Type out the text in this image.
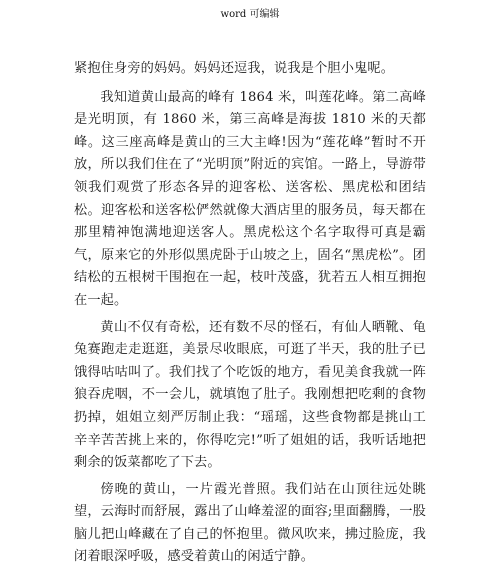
word 可编辑

紧抱住身旁的妈妈。妈妈还逗我，说我是个胆小鬼呢。

我知道黄山最高的峰有 1864 米，叫莲花峰。第二高峰是光明顶，有 1860 米，第三高峰是海拔 1810 米的天都峰。这三座高峰是黄山的三大主峰!因为“莲花峰”暂时不开放，所以我们住在了“光明顶”附近的宾馆。一路上，导游带领我们观赏了形态各异的迎客松、送客松、黑虎松和团结松。迎客松和送客松俨然就像大酒店里的服务员，每天都在那里精神饱满地迎送客人。黑虎松这个名字取得可真是霸气，原来它的外形似黑虎卧于山坡之上，固名“黑虎松”。团结松的五根树干围抱在一起，枝叶茂盛，犹若五人相互拥抱在一起。

黄山不仅有奇松，还有数不尽的怪石，有仙人晒靴、龟兔赛跑走走逛逛，美景尽收眼底，可逛了半天，我的肚子已饿得咕咕叫了。我们找了个吃饭的地方，看见美食我就一阵狼吞虎咽，不一会儿，就填饱了肚子。我刚想把吃剩的食物扔掉，姐姐立刻严厉制止我：“瑶瑶，这些食物都是挑山工辛辛苦苦挑上来的，你得吃完!”听了姐姐的话，我听话地把剩余的饭菜都吃了下去。

傍晚的黄山，一片霞光普照。我们站在山顶往远处眺望，云海时而舒展，露出了山峰羞涩的面容;里面翻腾，一股脑儿把山峰藏在了自己的怀抱里。微风吹来，拂过脸庞，我闭着眼深呼吸，感受着黄山的闲适宁静。
